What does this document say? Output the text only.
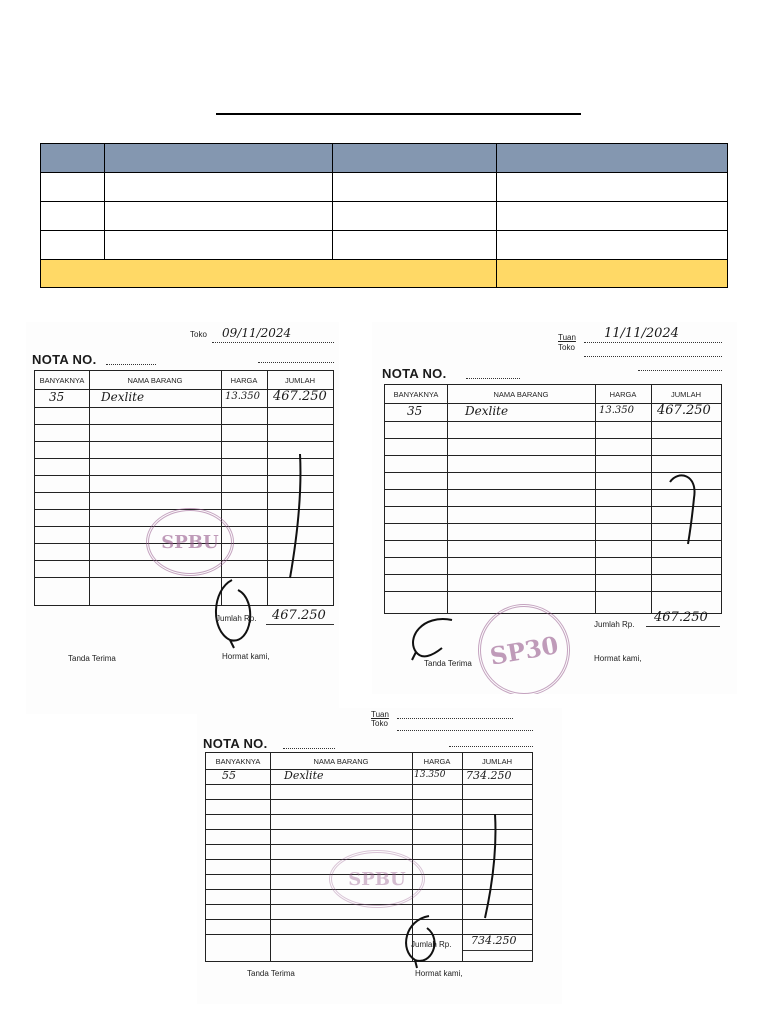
Toko 09/11/2024
NOTA NO.
BANYAKNYA	NAMA BARANG	HARGA	JUMLAH
35	Dexlite	13.350 467.250
SPBU
Jumlah Rp. 467.250
Tanda Terima	Hormat kami,
Tuan 11/11/2024
Toko
NOTA NO.
BANYAKNYA	NAMA BARANG	HARGA	JUMLAH
35	Dexlite	13.350 467.250
SP30
Jumlah Rp. 467.250
Tanda Terima
Hormat kami,
Tuan
Toko
NOTA NO.
BANYAKNYA	NAMA BARANG	HARGA	JUMLAH
55	Dexlite	13.350 734.250
SPBU
Jumlah Rp. 734.250
Tanda Terima	Hormat kami,
